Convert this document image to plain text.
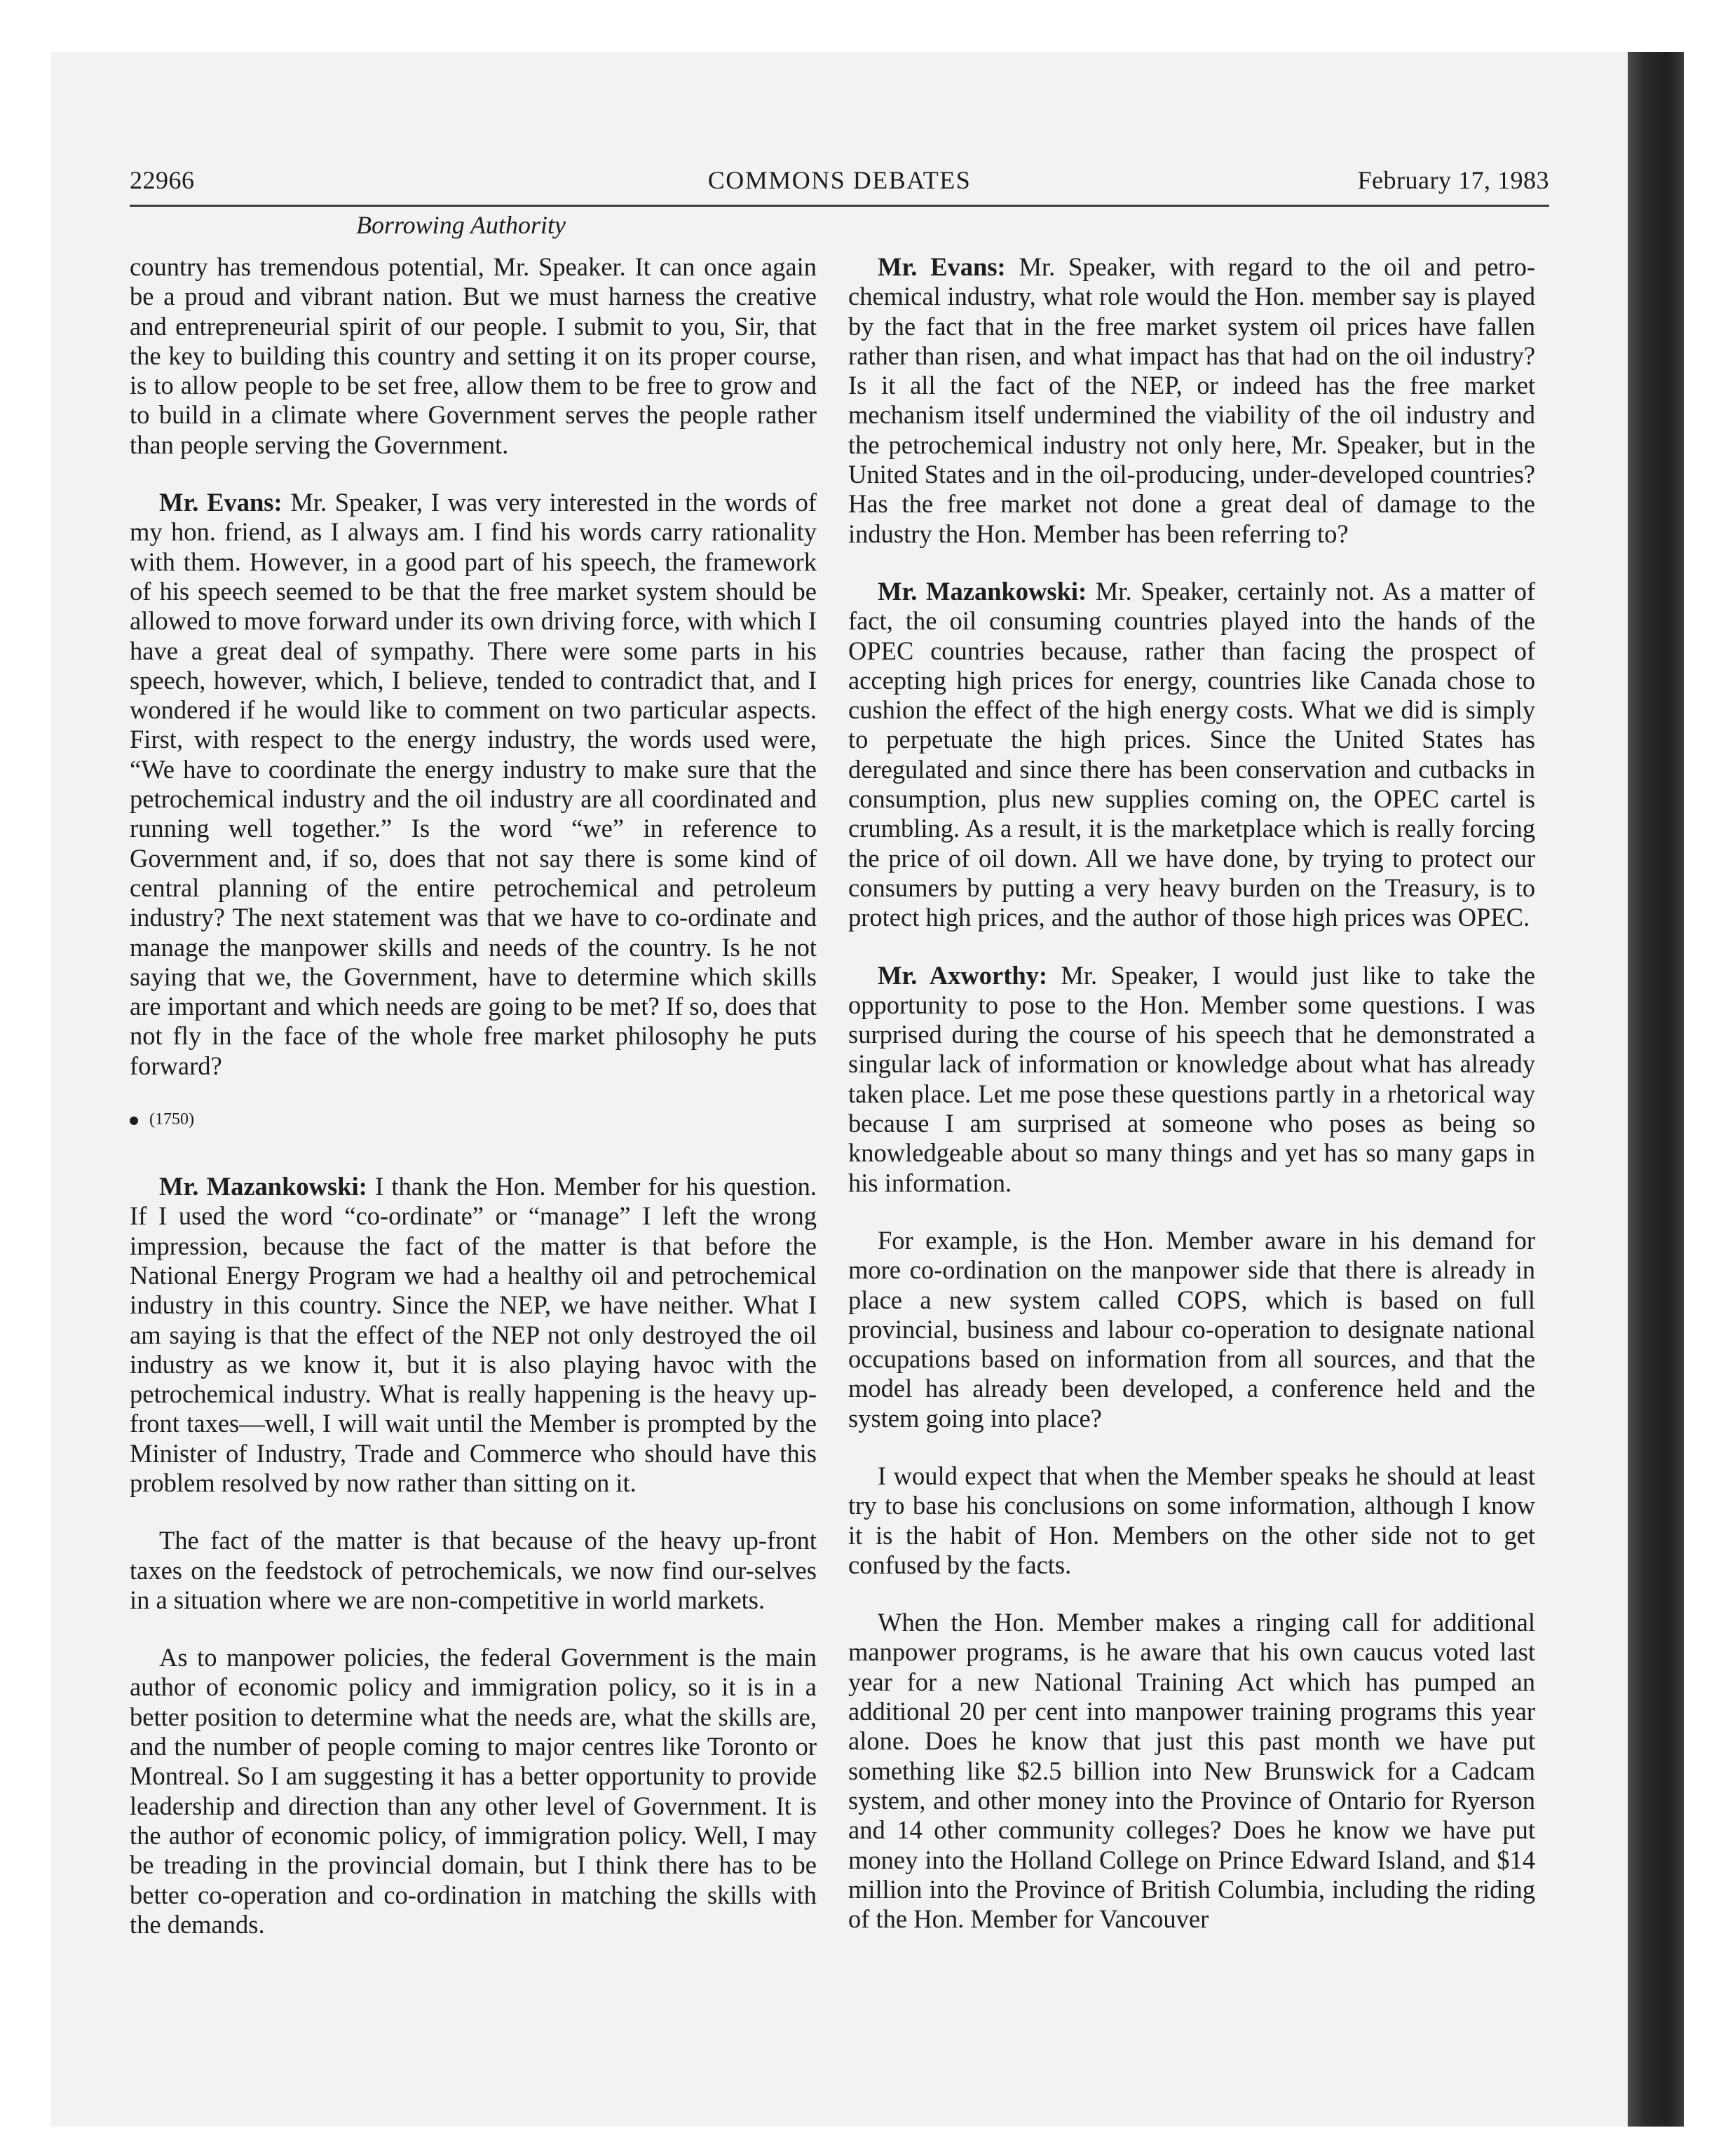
22966	COMMONS DEBATES	February 17, 1983
Borrowing Authority

country has tremendous potential, Mr. Speaker. It can once again be a proud and vibrant nation. But we must harness the creative and entrepreneurial spirit of our people. I submit to you, Sir, that the key to building this country and setting it on its proper course, is to allow people to be set free, allow them to be free to grow and to build in a climate where Government serves the people rather than people serving the Government.

Mr. Evans: Mr. Speaker, I was very interested in the words of my hon. friend, as I always am. I find his words carry rationality with them. However, in a good part of his speech, the framework of his speech seemed to be that the free market system should be allowed to move forward under its own driving force, with which I have a great deal of sympathy. There were some parts in his speech, however, which, I believe, tended to contradict that, and I wondered if he would like to comment on two particular aspects. First, with respect to the energy industry, the words used were, “We have to coordinate the energy industry to make sure that the petrochemical industry and the oil industry are all coordinated and running well together.” Is the word “we” in reference to Government and, if so, does that not say there is some kind of central planning of the entire petrochemical and petroleum industry? The next statement was that we have to co-ordinate and manage the manpower skills and needs of the country. Is he not saying that we, the Government, have to determine which skills are important and which needs are going to be met? If so, does that not fly in the face of the whole free market philosophy he puts forward?

(1750)

Mr. Mazankowski: I thank the Hon. Member for his question. If I used the word “co-ordinate” or “manage” I left the wrong impression, because the fact of the matter is that before the National Energy Program we had a healthy oil and petrochemical industry in this country. Since the NEP, we have neither. What I am saying is that the effect of the NEP not only destroyed the oil industry as we know it, but it is also playing havoc with the petrochemical industry. What is really happening is the heavy up-front taxes—well, I will wait until the Member is prompted by the Minister of Industry, Trade and Commerce who should have this problem resolved by now rather than sitting on it.

The fact of the matter is that because of the heavy up-front taxes on the feedstock of petrochemicals, we now find our-selves in a situation where we are non-competitive in world markets.

As to manpower policies, the federal Government is the main author of economic policy and immigration policy, so it is in a better position to determine what the needs are, what the skills are, and the number of people coming to major centres like Toronto or Montreal. So I am suggesting it has a better opportunity to provide leadership and direction than any other level of Government. It is the author of economic policy, of immigration policy. Well, I may be treading in the provincial domain, but I think there has to be better co-operation and co-ordination in matching the skills with the demands.

Mr. Evans: Mr. Speaker, with regard to the oil and petro-chemical industry, what role would the Hon. member say is played by the fact that in the free market system oil prices have fallen rather than risen, and what impact has that had on the oil industry? Is it all the fact of the NEP, or indeed has the free market mechanism itself undermined the viability of the oil industry and the petrochemical industry not only here, Mr. Speaker, but in the United States and in the oil-producing, under-developed countries? Has the free market not done a great deal of damage to the industry the Hon. Member has been referring to?

Mr. Mazankowski: Mr. Speaker, certainly not. As a matter of fact, the oil consuming countries played into the hands of the OPEC countries because, rather than facing the prospect of accepting high prices for energy, countries like Canada chose to cushion the effect of the high energy costs. What we did is simply to perpetuate the high prices. Since the United States has deregulated and since there has been conservation and cutbacks in consumption, plus new supplies coming on, the OPEC cartel is crumbling. As a result, it is the marketplace which is really forcing the price of oil down. All we have done, by trying to protect our consumers by putting a very heavy burden on the Treasury, is to protect high prices, and the author of those high prices was OPEC.

Mr. Axworthy: Mr. Speaker, I would just like to take the opportunity to pose to the Hon. Member some questions. I was surprised during the course of his speech that he demonstrated a singular lack of information or knowledge about what has already taken place. Let me pose these questions partly in a rhetorical way because I am surprised at someone who poses as being so knowledgeable about so many things and yet has so many gaps in his information.

For example, is the Hon. Member aware in his demand for more co-ordination on the manpower side that there is already in place a new system called COPS, which is based on full provincial, business and labour co-operation to designate national occupations based on information from all sources, and that the model has already been developed, a conference held and the system going into place?

I would expect that when the Member speaks he should at least try to base his conclusions on some information, although I know it is the habit of Hon. Members on the other side not to get confused by the facts.

When the Hon. Member makes a ringing call for additional manpower programs, is he aware that his own caucus voted last year for a new National Training Act which has pumped an additional 20 per cent into manpower training programs this year alone. Does he know that just this past month we have put something like $2.5 billion into New Brunswick for a Cadcam system, and other money into the Province of Ontario for Ryerson and 14 other community colleges? Does he know we have put money into the Holland College on Prince Edward Island, and $14 million into the Province of British Columbia, including the riding of the Hon. Member for Vancouver
